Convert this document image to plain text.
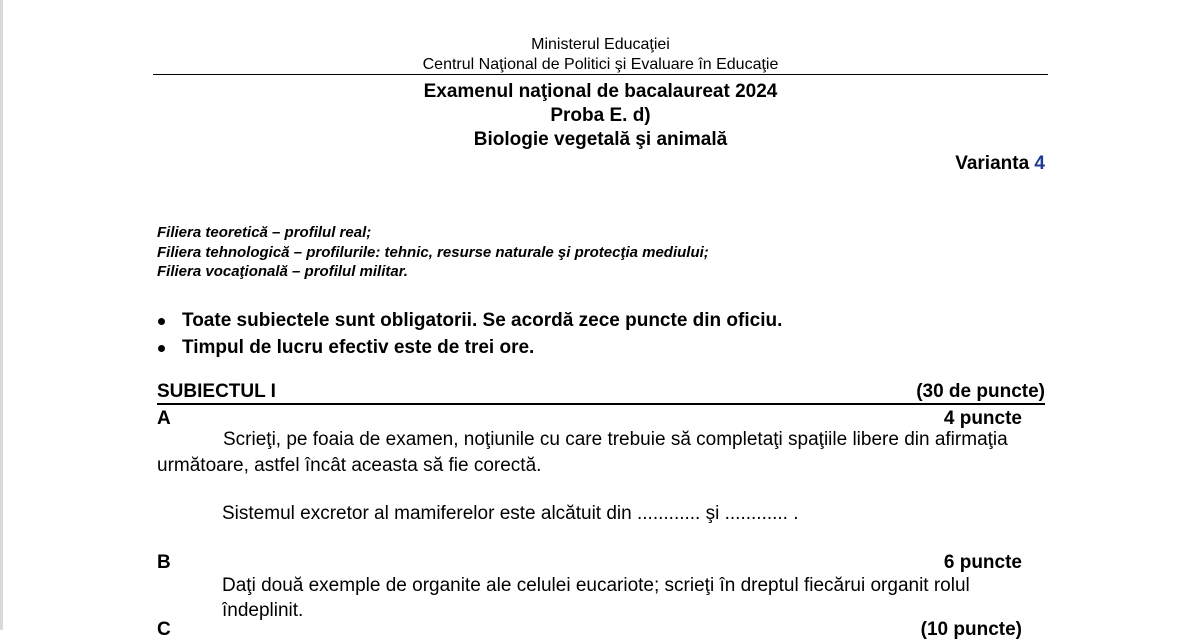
Ministerul Educaţiei
Centrul Naţional de Politici şi Evaluare în Educaţie
Examenul naţional de bacalaureat 2024
Proba E. d)
Biologie vegetală şi animală
Varianta 4
Filiera teoretică – profilul real;
Filiera tehnologică – profilurile: tehnic, resurse naturale şi protecţia mediului;
Filiera vocaţională – profilul militar.
Toate subiectele sunt obligatorii. Se acordă zece puncte din oficiu.
Timpul de lucru efectiv este de trei ore.
SUBIECTUL I	(30 de puncte)
A	4 puncte
Scrieţi, pe foaia de examen, noţiunile cu care trebuie să completaţi spaţiile libere din afirmaţia
următoare, astfel încât aceasta să fie corectă.
Sistemul excretor al mamiferelor este alcătuit din ............ şi ............ .
B	6 puncte
Daţi două exemple de organite ale celulei eucariote; scrieţi în dreptul fiecărui organit rolul
îndeplinit.
C	(10 puncte)
